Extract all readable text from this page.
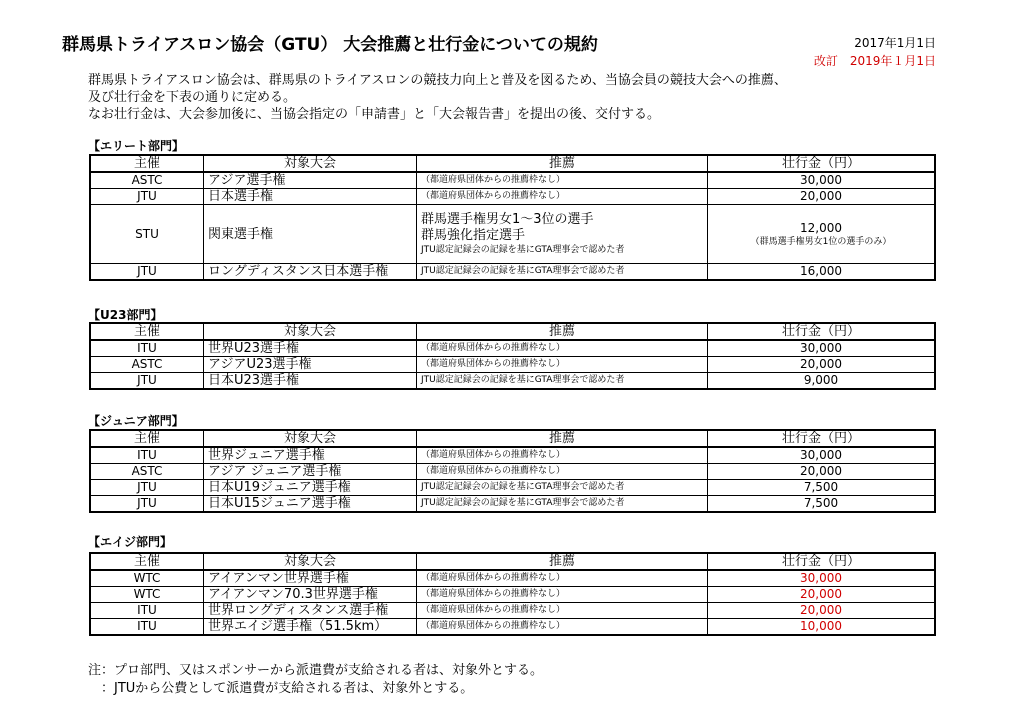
群馬県トライアスロン協会（GTU） 大会推薦と壮行金についての規約	2017年1月1日
改訂　2019年１月1日
群馬県トライアスロン協会は、群馬県のトライアスロンの競技力向上と普及を図るため、当協会員の競技大会への推薦、
及び壮行金を下表の通りに定める。
なお壮行金は、大会参加後に、当協会指定の「申請書」と「大会報告書」を提出の後、交付する。
【エリート部門】
主催	対象大会	推薦	壮行金（円）
ASTC	アジア選手権	（都道府県団体からの推薦枠なし）	30,000
JTU	日本選手権	（都道府県団体からの推薦枠なし）	20,000
STU	関東選手権	群馬選手権男女1～3位の選手
群馬強化指定選手
JTU認定記録会の記録を基にGTA理事会で認めた者	12,000
（群馬選手権男女1位の選手のみ）

JTU	ロングディスタンス日本選手権	JTU認定記録会の記録を基にGTA理事会で認めた者	16,000
【U23部門】
主催	対象大会	推薦	壮行金（円）
ITU	世界U23選手権	（都道府県団体からの推薦枠なし）	30,000
ASTC	アジアU23選手権	（都道府県団体からの推薦枠なし）	20,000
JTU	日本U23選手権	JTU認定記録会の記録を基にGTA理事会で認めた者	9,000
【ジュニア部門】
主催	対象大会	推薦	壮行金（円）
ITU	世界ジュニア選手権	（都道府県団体からの推薦枠なし）	30,000
ASTC	アジア ジュニア選手権	（都道府県団体からの推薦枠なし）	20,000
JTU	日本U19ジュニア選手権	JTU認定記録会の記録を基にGTA理事会で認めた者	7,500
JTU	日本U15ジュニア選手権	JTU認定記録会の記録を基にGTA理事会で認めた者	7,500
【エイジ部門】
主催	対象大会	推薦	壮行金（円）
WTC	アイアンマン世界選手権	（都道府県団体からの推薦枠なし）	30,000
WTC	アイアンマン70.3世界選手権	（都道府県団体からの推薦枠なし）	20,000
ITU	世界ロングディスタンス選手権	（都道府県団体からの推薦枠なし）	20,000
ITU	世界エイジ選手権（51.5km）	（都道府県団体からの推薦枠なし）	10,000
注：プロ部門、又はスポンサーから派遣費が支給される者は、対象外とする。
：JTUから公費として派遣費が支給される者は、対象外とする。
